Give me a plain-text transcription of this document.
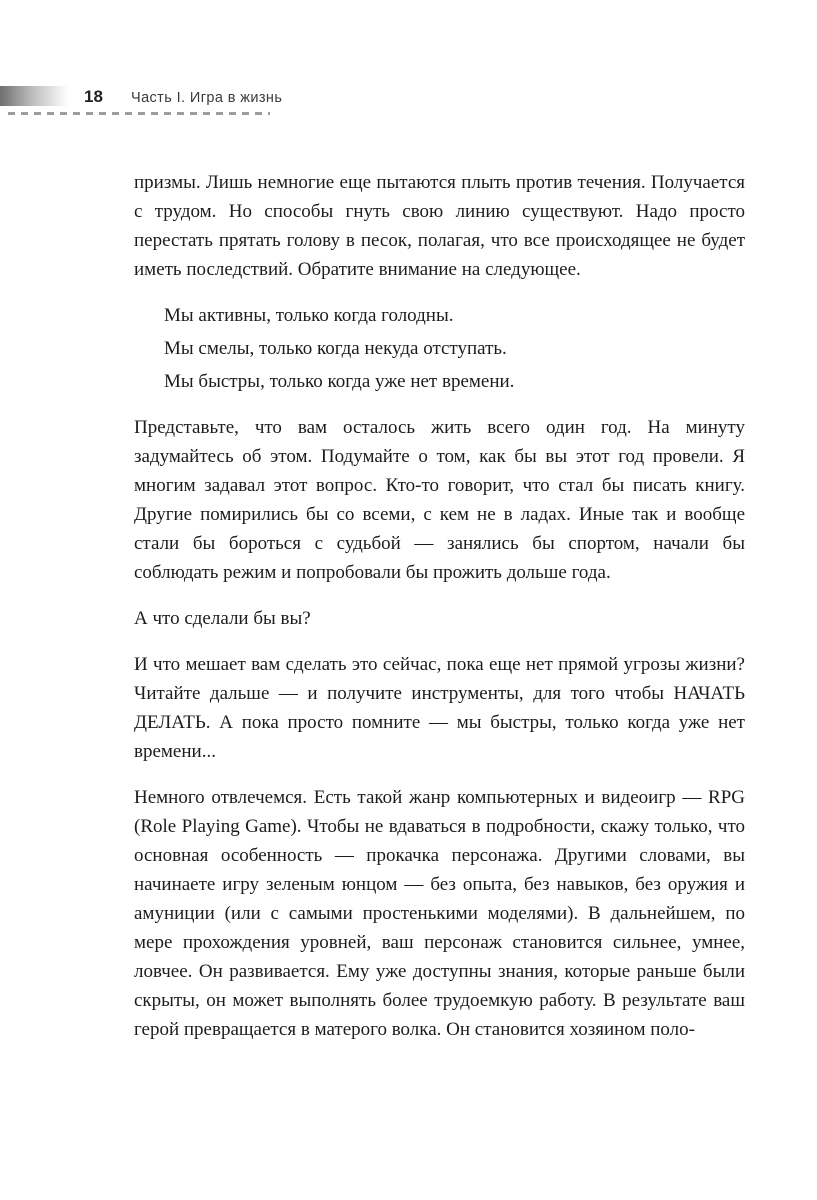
18 Часть I. Игра в жизнь

призмы. Лишь немногие еще пытаются плыть против течения. Получается с трудом. Но способы гнуть свою линию существуют. Надо просто перестать прятать голову в песок, полагая, что все происходящее не будет иметь последствий. Обратите внимание на следующее.

Мы активны, только когда голодны.

Мы смелы, только когда некуда отступать.

Мы быстры, только когда уже нет времени.

Представьте, что вам осталось жить всего один год. На минуту задумайтесь об этом. Подумайте о том, как бы вы этот год провели. Я многим задавал этот вопрос. Кто-то говорит, что стал бы писать книгу. Другие помирились бы со всеми, с кем не в ладах. Иные так и вообще стали бы бороться с судьбой — занялись бы спортом, начали бы соблюдать режим и попробовали бы прожить дольше года.

А что сделали бы вы?

И что мешает вам сделать это сейчас, пока еще нет прямой угрозы жизни? Читайте дальше — и получите инструменты, для того чтобы НАЧАТЬ ДЕЛАТЬ. А пока просто помните — мы быстры, только когда уже нет времени...

Немного отвлечемся. Есть такой жанр компьютерных и видеоигр — RPG (Role Playing Game). Чтобы не вдаваться в подробности, скажу только, что основная особенность — прокачка персонажа. Другими словами, вы начинаете игру зеленым юнцом — без опыта, без навыков, без оружия и амуниции (или с самыми простенькими моделями). В дальнейшем, по мере прохождения уровней, ваш персонаж становится сильнее, умнее, ловчее. Он развивается. Ему уже доступны знания, которые раньше были скрыты, он может выполнять более трудоемкую работу. В результате ваш герой превращается в матерого волка. Он становится хозяином поло-
